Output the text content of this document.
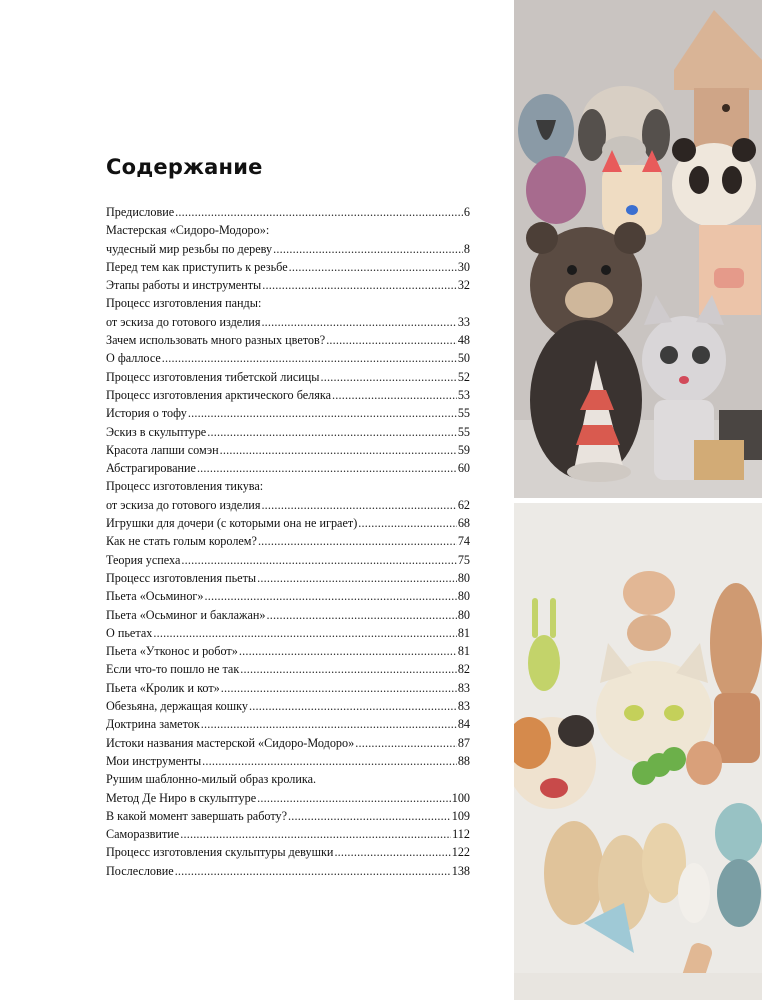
Содержание
Предисловие .....	6
Мастерская «Сидоро-Модоро»:
чудесный мир резьбы по дереву .....	8
Перед тем как приступить к резьбе .....	30
Этапы работы и инструменты .....	32
Процесс изготовления панды:
от эскиза до готового изделия .....	33
Зачем использовать много разных цветов? .....	48
О фаллосе .....	50
Процесс изготовления тибетской лисицы .....	52
Процесс изготовления арктического беляка .....	53
История о тофу .....	55
Эскиз в скульптуре .....	55
Красота лапши сомэн .....	59
Абстрагирование .....	60
Процесс изготовления тикува:
от эскиза до готового изделия .....	62
Игрушки для дочери (с которыми она не играет) .....	68
Как не стать голым королем? .....	74
Теория успеха .....	75
Процесс изготовления пьеты .....	80
Пьета «Осьминог» .....	80
Пьета «Осьминог и баклажан» .....	80
О пьетах .....	81
Пьета «Утконос и робот» .....	81
Если что-то пошло не так .....	82
Пьета «Кролик и кот» .....	83
Обезьяна, держащая кошку .....	83
Доктрина заметок .....	84
Истоки названия мастерской «Сидоро-Модоро» .....	87
Мои инструменты .....	88
Рушим шаблонно-милый образ кролика.
Метод Де Ниро в скульптуре .....	100
В какой момент завершать работу? .....	109
Саморазвитие .....	112
Процесс изготовления скульптуры девушки .....	122
Послесловие .....	138
